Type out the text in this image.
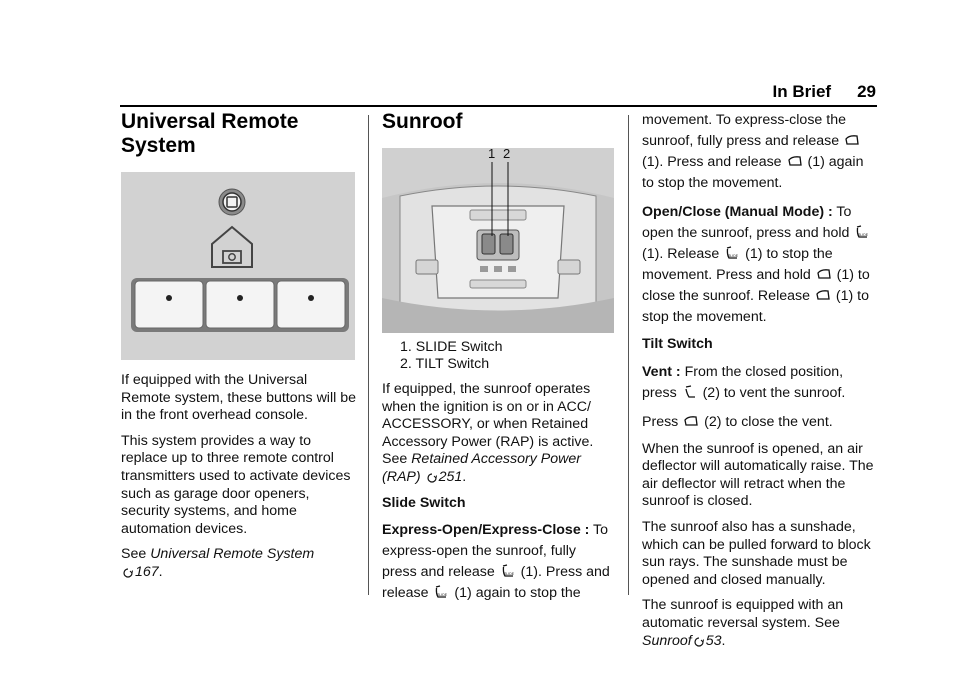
In Brief 29
Universal Remote System

If equipped with the Universal Remote system, these buttons will be in the front overhead console.

This system provides a way to replace up to three remote control transmitters used to activate devices such as garage door openers, security systems, and home automation devices.

See Universal Remote System

167.

Sunroof
1 2
1. SLIDE Switch
2. TILT Switch

If equipped, the sunroof operates when the ignition is on or in ACC/ ACCESSORY, or when Retained Accessory Power (RAP) is active. See Retained Accessory Power (RAP) 251.

Slide Switch

Express-Open/Express-Close : To express-open the sunroof, fully press and release
(1). Press and release
(1) again to stop the

movement. To express-close the sunroof, fully press and release
(1). Press and release
(1) again to stop the movement.

Open/Close (Manual Mode) : To open the sunroof, press and hold
(1). Release
(1) to stop the movement. Press and hold
(1) to close the sunroof. Release
(1) to stop the movement.

Tilt Switch

Vent : From the closed position, press
(2) to vent the sunroof.

Press
(2) to close the vent.

When the sunroof is opened, an air deflector will automatically raise. The air deflector will retract when the sunroof is closed.

The sunroof also has a sunshade, which can be pulled forward to block sun rays. The sunshade must be opened and closed manually.

The sunroof is equipped with an automatic reversal system. See
Sunroof 53.
